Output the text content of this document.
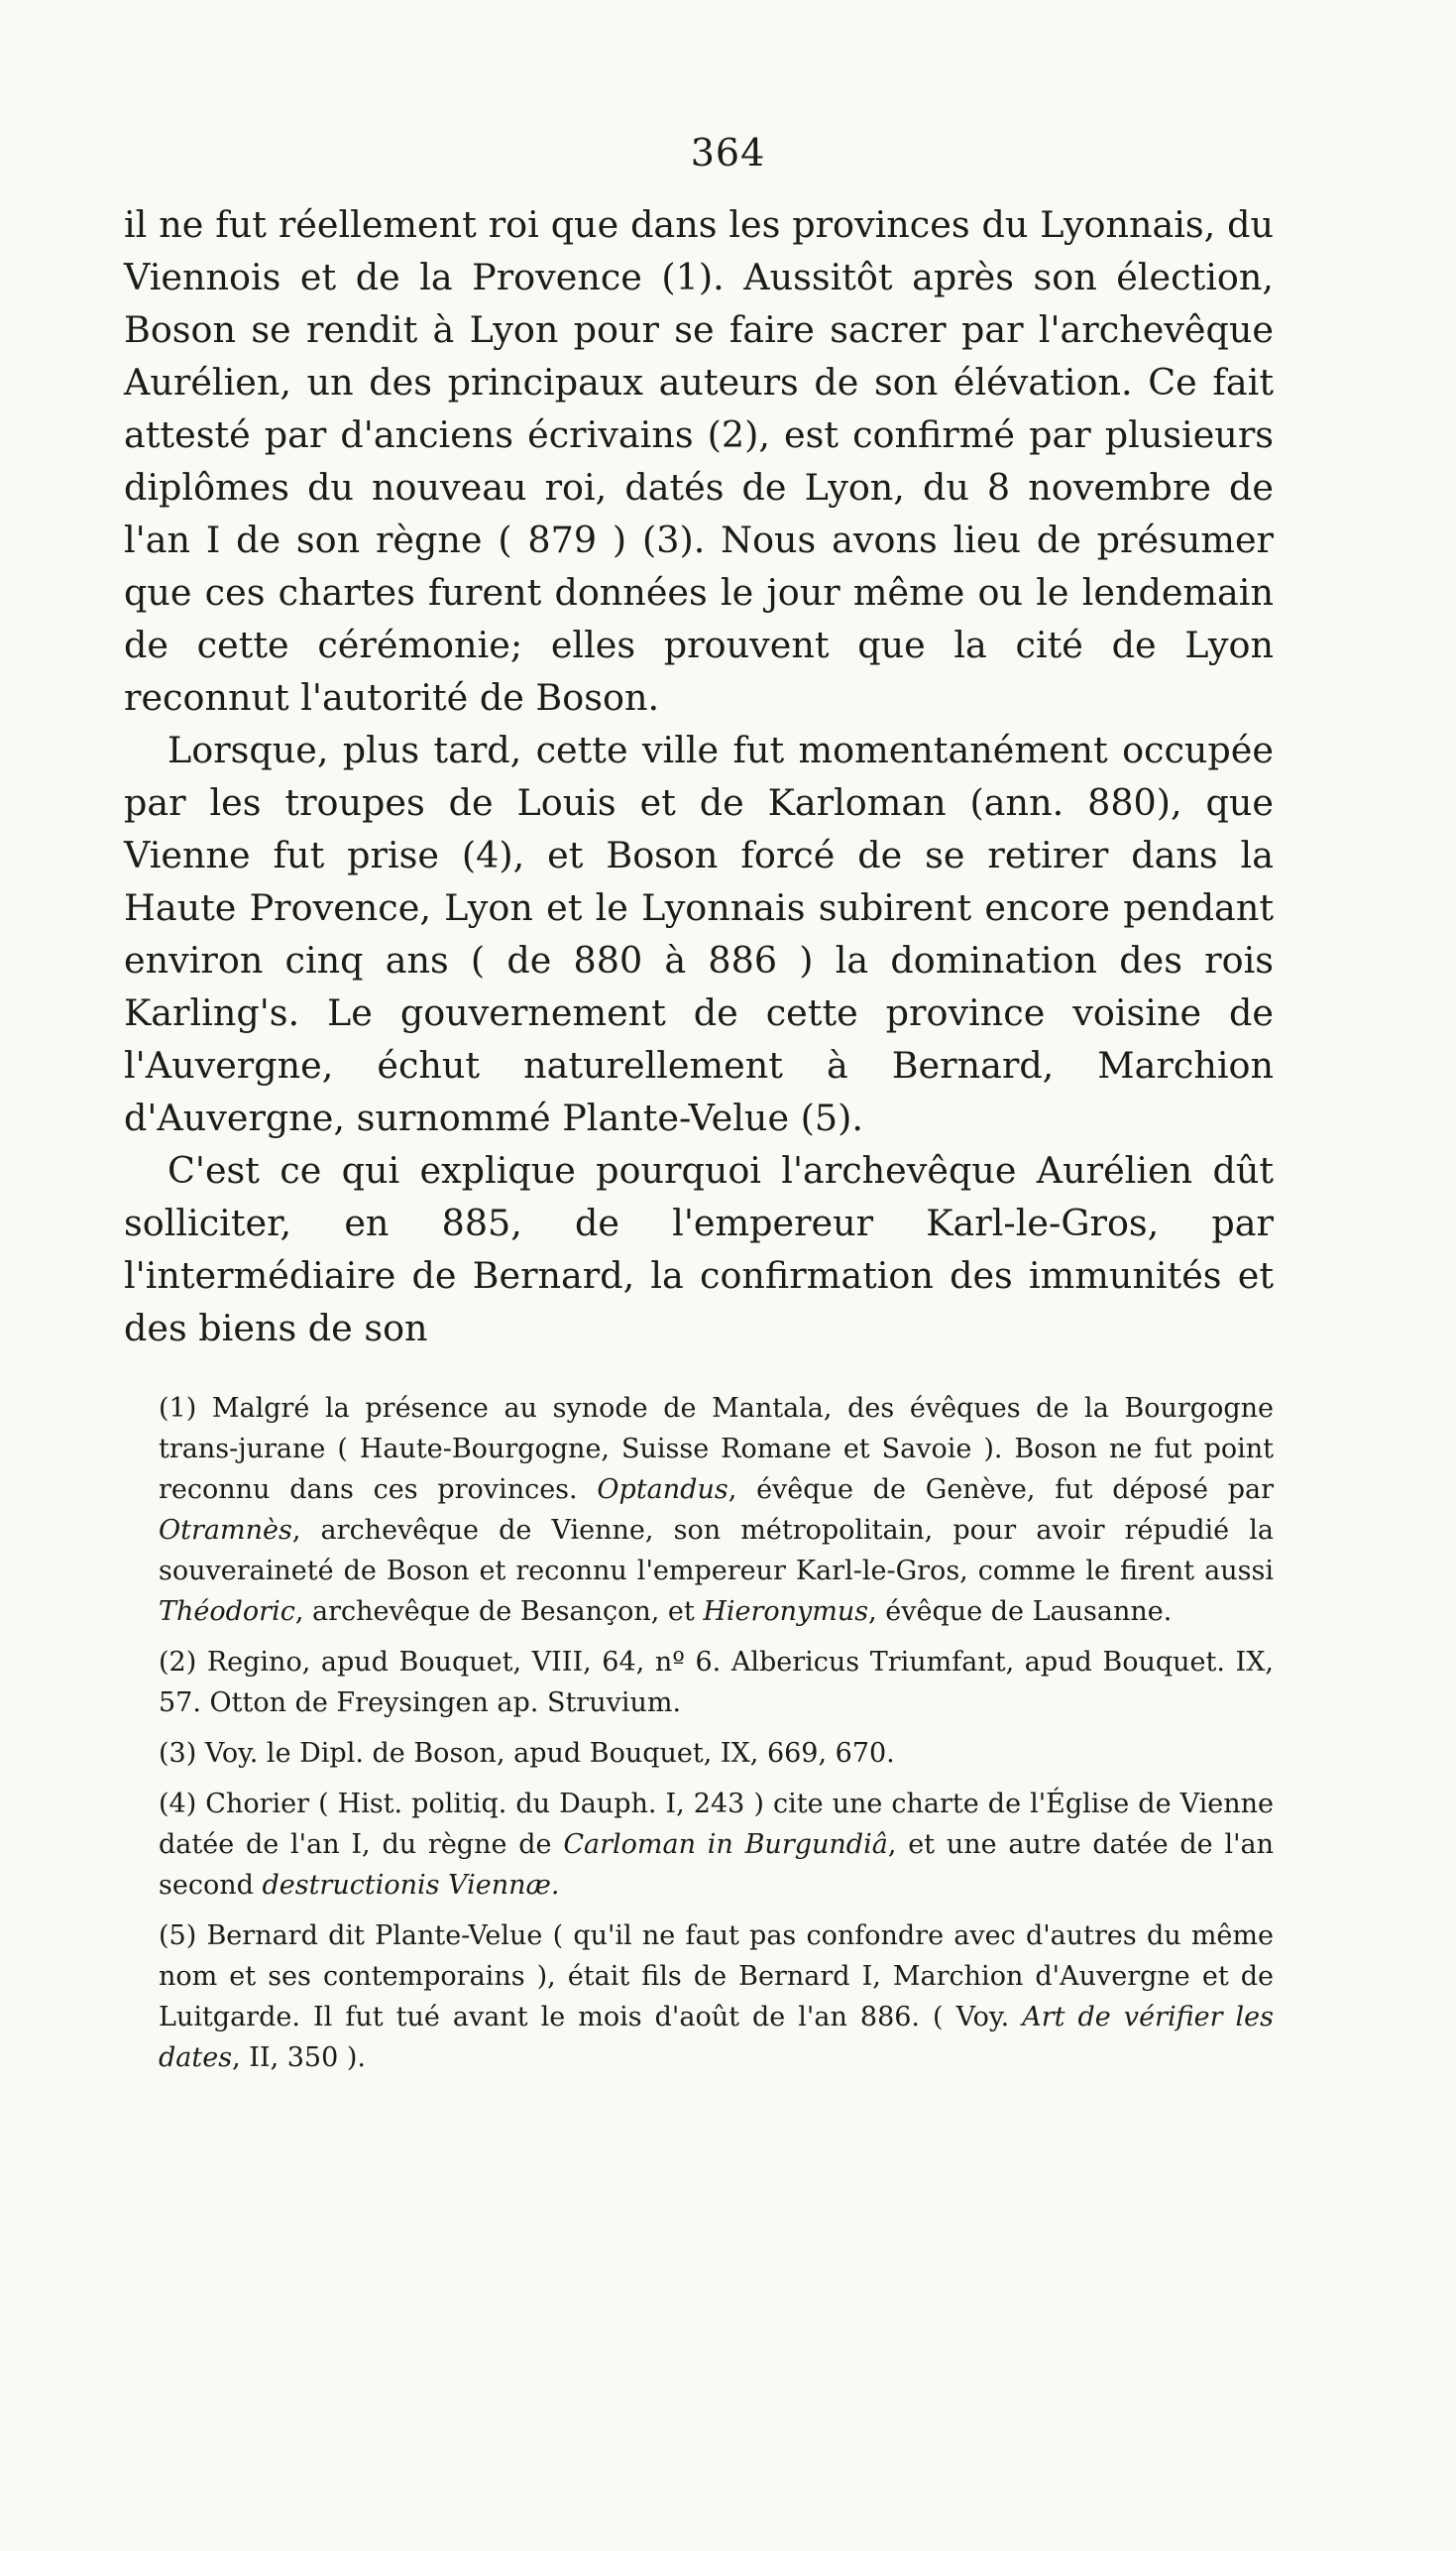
364

il ne fut réellement roi que dans les provinces du Lyonnais, du Viennois et de la Provence (1). Aussitôt après son élection, Boson se rendit à Lyon pour se faire sacrer par l'archevêque Aurélien, un des principaux auteurs de son élévation. Ce fait attesté par d'anciens écrivains (2), est confirmé par plusieurs diplômes du nouveau roi, datés de Lyon, du 8 novembre de l'an I de son règne ( 879 ) (3). Nous avons lieu de présumer que ces chartes furent données le jour même ou le lendemain de cette cérémonie; elles prouvent que la cité de Lyon reconnut l'autorité de Boson.

Lorsque, plus tard, cette ville fut momentanément occupée par les troupes de Louis et de Karloman (ann. 880), que Vienne fut prise (4), et Boson forcé de se retirer dans la Haute Provence, Lyon et le Lyonnais subirent encore pendant environ cinq ans ( de 880 à 886 ) la domination des rois Karling's. Le gouvernement de cette province voisine de l'Auvergne, échut naturellement à Bernard, Marchion d'Auvergne, surnommé Plante-Velue (5).

C'est ce qui explique pourquoi l'archevêque Aurélien dût solliciter, en 885, de l'empereur Karl-le-Gros, par l'intermédiaire de Bernard, la confirmation des immunités et des biens de son

(1) Malgré la présence au synode de Mantala, des évêques de la Bourgogne trans-jurane ( Haute-Bourgogne, Suisse Romane et Savoie ). Boson ne fut point reconnu dans ces provinces. Optandus, évêque de Genève, fut déposé par Otramnès, archevêque de Vienne, son métropolitain, pour avoir répudié la souveraineté de Boson et reconnu l'empereur Karl-le-Gros, comme le firent aussi Théodoric, archevêque de Besançon, et Hieronymus, évêque de Lausanne.

(2) Regino, apud Bouquet, VIII, 64, nº 6. Albericus Triumfant, apud Bouquet. IX, 57. Otton de Freysingen ap. Struvium.

(3) Voy. le Dipl. de Boson, apud Bouquet, IX, 669, 670.

(4) Chorier ( Hist. politiq. du Dauph. I, 243 ) cite une charte de l'Église de Vienne datée de l'an I, du règne de Carloman in Burgundiâ, et une autre datée de l'an second destructionis Viennæ.

(5) Bernard dit Plante-Velue ( qu'il ne faut pas confondre avec d'autres du même nom et ses contemporains ), était fils de Bernard I, Marchion d'Auvergne et de Luitgarde. Il fut tué avant le mois d'août de l'an 886. ( Voy. Art de vérifier les dates, II, 350 ).
